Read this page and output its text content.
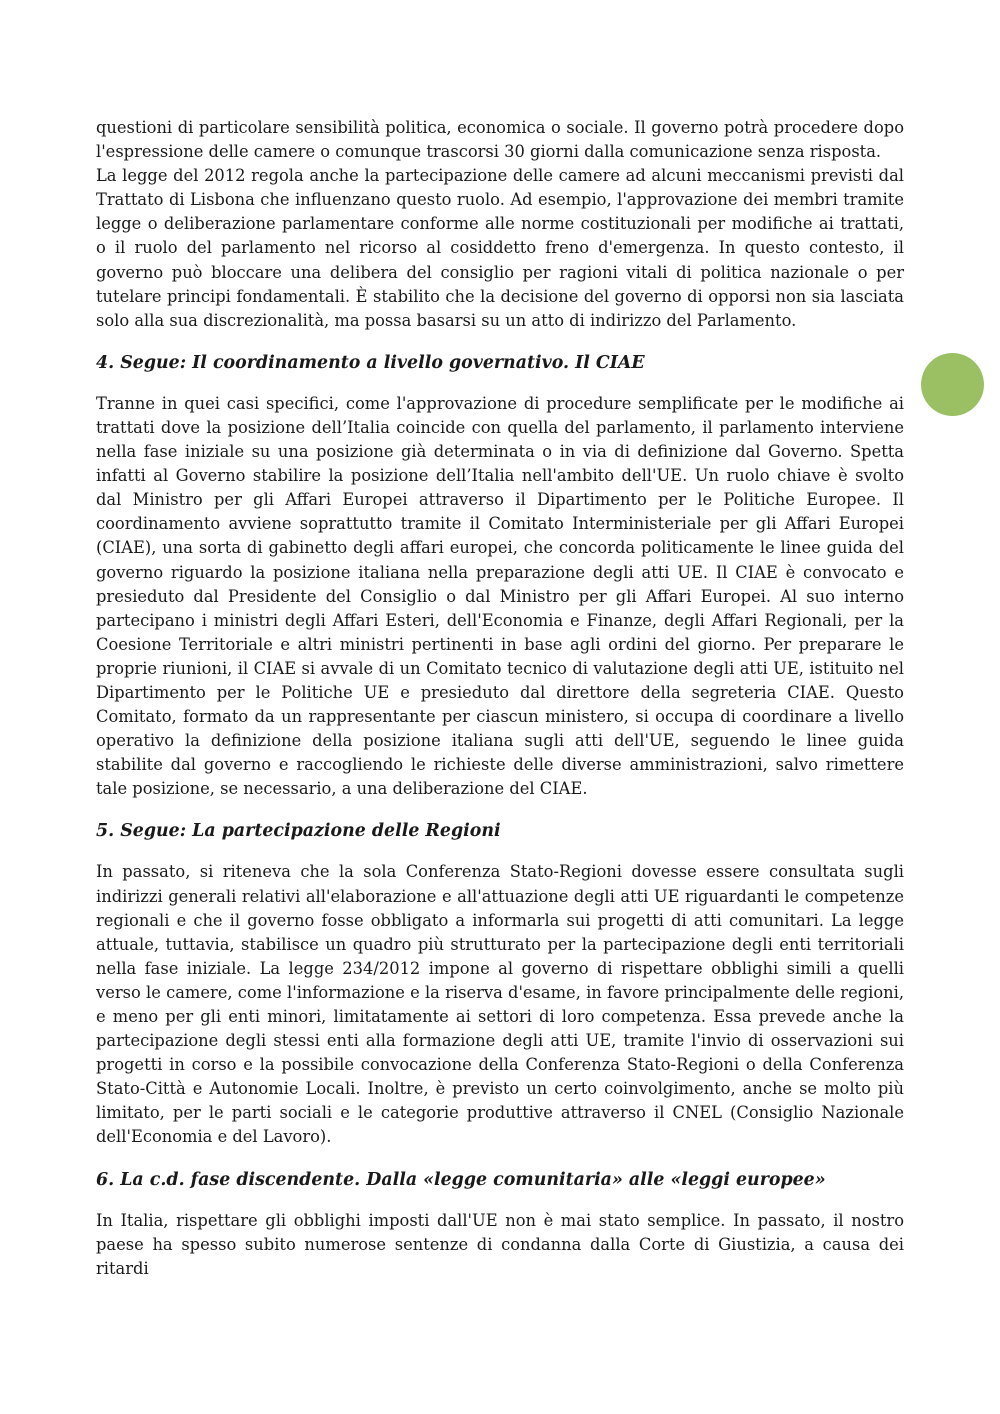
questioni di particolare sensibilità politica, economica o sociale. Il governo potrà procedere dopo l'espressione delle camere o comunque trascorsi 30 giorni dalla comunicazione senza risposta.

La legge del 2012 regola anche la partecipazione delle camere ad alcuni meccanismi previsti dal Trattato di Lisbona che influenzano questo ruolo. Ad esempio, l'approvazione dei membri tramite legge o deliberazione parlamentare conforme alle norme costituzionali per modifiche ai trattati, o il ruolo del parlamento nel ricorso al cosiddetto freno d'emergenza. In questo contesto, il governo può bloccare una delibera del consiglio per ragioni vitali di politica nazionale o per tutelare principi fondamentali. È stabilito che la decisione del governo di opporsi non sia lasciata solo alla sua discrezionalità, ma possa basarsi su un atto di indirizzo del Parlamento.

4. Segue: Il coordinamento a livello governativo. Il CIAE

Tranne in quei casi specifici, come l'approvazione di procedure semplificate per le modifiche ai trattati dove la posizione dell’Italia coincide con quella del parlamento, il parlamento interviene nella fase iniziale su una posizione già determinata o in via di definizione dal Governo. Spetta infatti al Governo stabilire la posizione dell’Italia nell'ambito dell'UE. Un ruolo chiave è svolto dal Ministro per gli Affari Europei attraverso il Dipartimento per le Politiche Europee. Il coordinamento avviene soprattutto tramite il Comitato Interministeriale per gli Affari Europei (CIAE), una sorta di gabinetto degli affari europei, che concorda politicamente le linee guida del governo riguardo la posizione italiana nella preparazione degli atti UE. Il CIAE è convocato e presieduto dal Presidente del Consiglio o dal Ministro per gli Affari Europei. Al suo interno partecipano i ministri degli Affari Esteri, dell'Economia e Finanze, degli Affari Regionali, per la Coesione Territoriale e altri ministri pertinenti in base agli ordini del giorno. Per preparare le proprie riunioni, il CIAE si avvale di un Comitato tecnico di valutazione degli atti UE, istituito nel Dipartimento per le Politiche UE e presieduto dal direttore della segreteria CIAE. Questo Comitato, formato da un rappresentante per ciascun ministero, si occupa di coordinare a livello operativo la definizione della posizione italiana sugli atti dell'UE, seguendo le linee guida stabilite dal governo e raccogliendo le richieste delle diverse amministrazioni, salvo rimettere tale posizione, se necessario, a una deliberazione del CIAE.

5. Segue: La partecipazione delle Regioni

In passato, si riteneva che la sola Conferenza Stato-Regioni dovesse essere consultata sugli indirizzi generali relativi all'elaborazione e all'attuazione degli atti UE riguardanti le competenze regionali e che il governo fosse obbligato a informarla sui progetti di atti comunitari. La legge attuale, tuttavia, stabilisce un quadro più strutturato per la partecipazione degli enti territoriali nella fase iniziale. La legge 234/2012 impone al governo di rispettare obblighi simili a quelli verso le camere, come l'informazione e la riserva d'esame, in favore principalmente delle regioni, e meno per gli enti minori, limitatamente ai settori di loro competenza. Essa prevede anche la partecipazione degli stessi enti alla formazione degli atti UE, tramite l'invio di osservazioni sui progetti in corso e la possibile convocazione della Conferenza Stato-Regioni o della Conferenza Stato-Città e Autonomie Locali. Inoltre, è previsto un certo coinvolgimento, anche se molto più limitato, per le parti sociali e le categorie produttive attraverso il CNEL (Consiglio Nazionale dell'Economia e del Lavoro).

6. La c.d. fase discendente. Dalla «legge comunitaria» alle «leggi europee»

In Italia, rispettare gli obblighi imposti dall'UE non è mai stato semplice. In passato, il nostro paese ha spesso subito numerose sentenze di condanna dalla Corte di Giustizia, a causa dei ritardi
